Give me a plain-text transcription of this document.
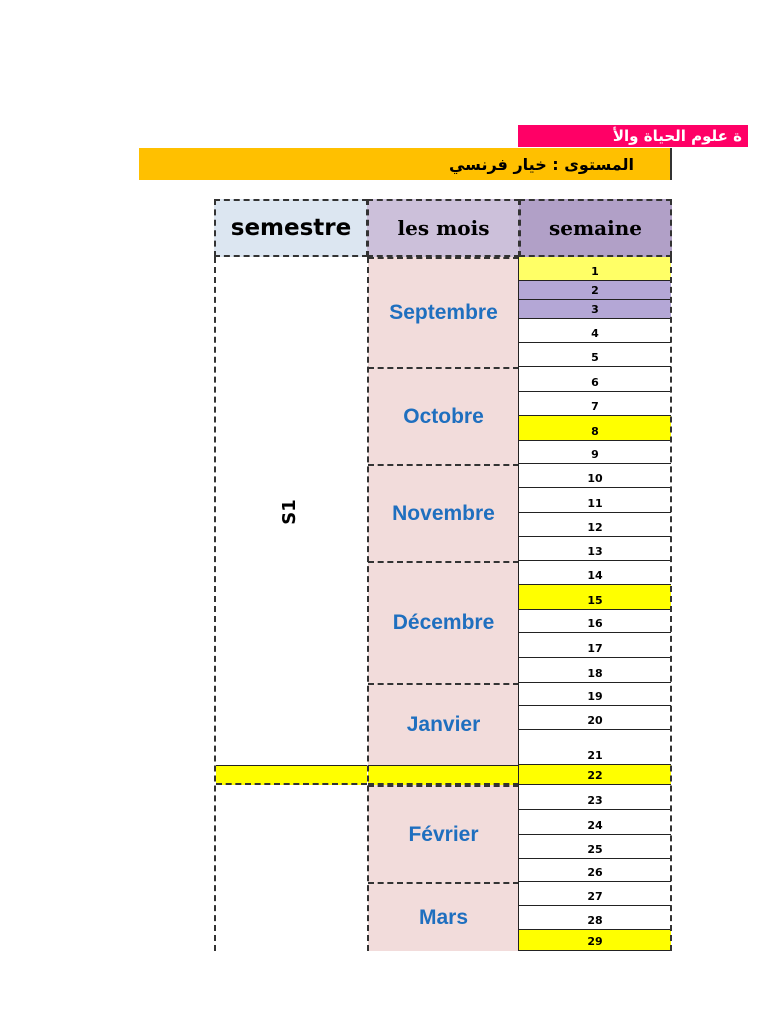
ة علوم الحياة والأ
المستوى : خيار فرنسي
semestre	les mois	semaine
S1
Septembre
Octobre
Novembre
Décembre
Janvier
Février
Mars
1
2
3
4
5
6
7
8
9
10
11
12
13
14
15
16
17
18
19
20
21
22
23
24
25
26
27
28
29
